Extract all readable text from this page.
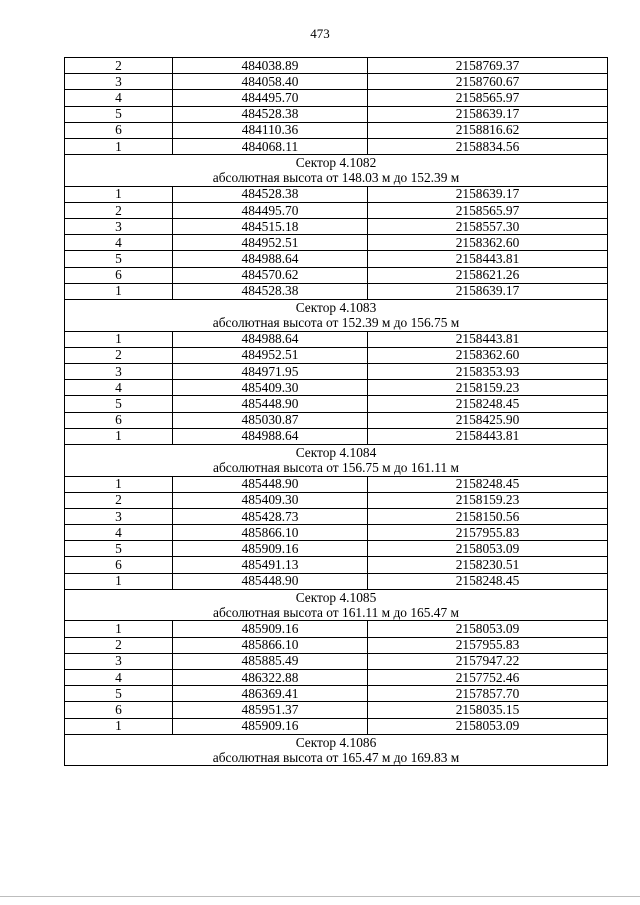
473
2	484038.89	2158769.37
3	484058.40	2158760.67
4	484495.70	2158565.97
5	484528.38	2158639.17
6	484110.36	2158816.62
1	484068.11	2158834.56

Сектор 4.1082
абсолютная высота от 148.03 м до 152.39 м		

1	484528.38	2158639.17
2	484495.70	2158565.97
3	484515.18	2158557.30
4	484952.51	2158362.60
5	484988.64	2158443.81
6	484570.62	2158621.26
1	484528.38	2158639.17

Сектор 4.1083
абсолютная высота от 152.39 м до 156.75 м		

1	484988.64	2158443.81
2	484952.51	2158362.60
3	484971.95	2158353.93
4	485409.30	2158159.23
5	485448.90	2158248.45
6	485030.87	2158425.90
1	484988.64	2158443.81

Сектор 4.1084
абсолютная высота от 156.75 м до 161.11 м		

1	485448.90	2158248.45
2	485409.30	2158159.23
3	485428.73	2158150.56
4	485866.10	2157955.83
5	485909.16	2158053.09
6	485491.13	2158230.51
1	485448.90	2158248.45

Сектор 4.1085
абсолютная высота от 161.11 м до 165.47 м		

1	485909.16	2158053.09
2	485866.10	2157955.83
3	485885.49	2157947.22
4	486322.88	2157752.46
5	486369.41	2157857.70
6	485951.37	2158035.15
1	485909.16	2158053.09

Сектор 4.1086
абсолютная высота от 165.47 м до 169.83 м		
